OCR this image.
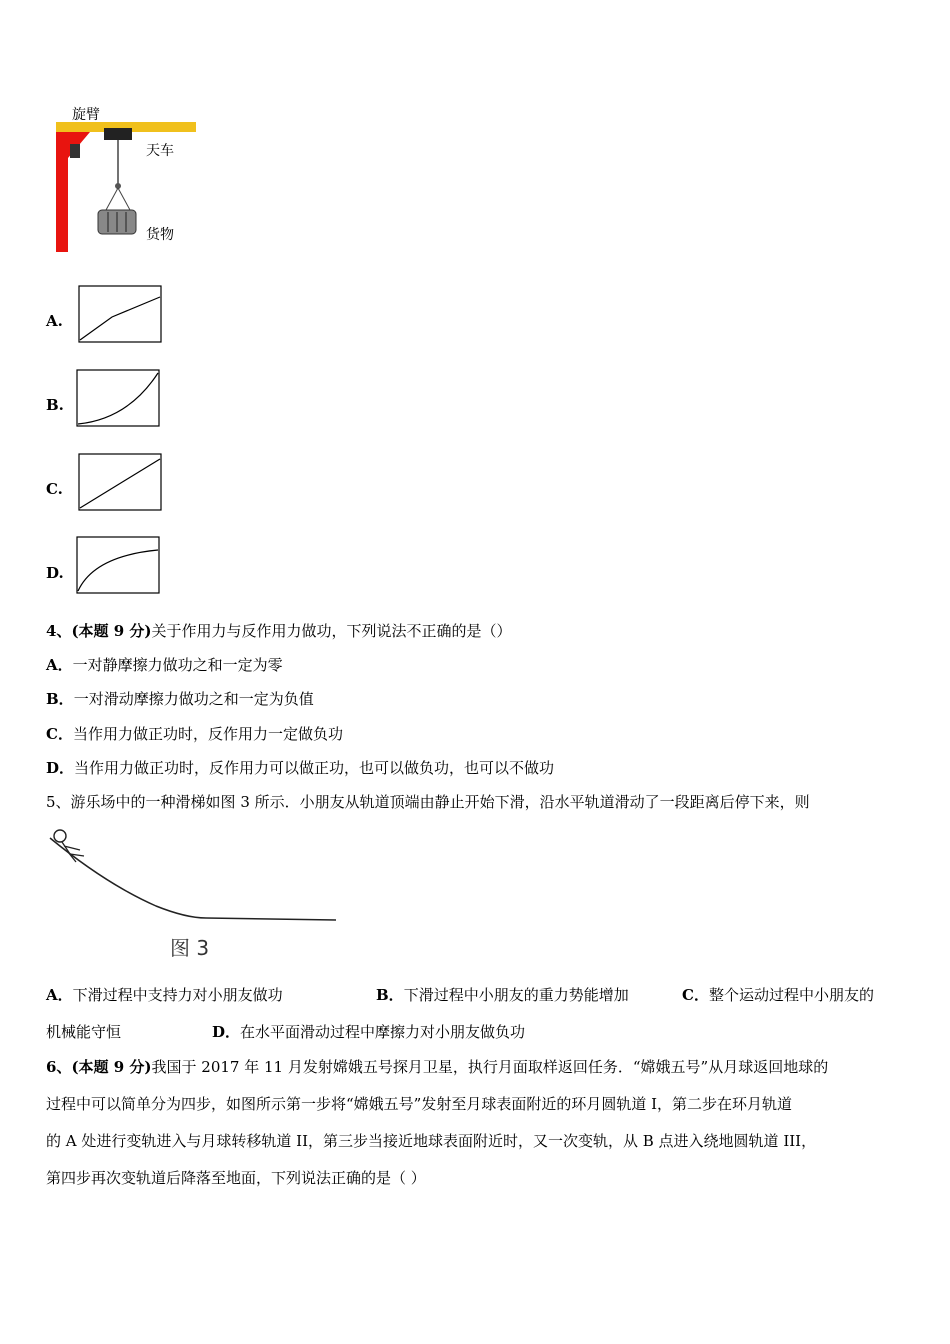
旋臂
天车
货物
A.
B.
C.
D.
4、(本题 9 分)关于作用力与反作用力做功，下列说法不正确的是（）
A．一对静摩擦力做功之和一定为零
B．一对滑动摩擦力做功之和一定为负值
C．当作用力做正功时，反作用力一定做负功
D．当作用力做正功时，反作用力可以做正功，也可以做负功，也可以不做功
5、游乐场中的一种滑梯如图 3 所示．小朋友从轨道顶端由静止开始下滑，沿水平轨道滑动了一段距离后停下来，则
图 3
A．下滑过程中支持力对小朋友做功	B．下滑过程中小朋友的重力势能增加	C．整个运动过程中小朋友的
机械能守恒	D．在水平面滑动过程中摩擦力对小朋友做负功
6、(本题 9 分)我国于 2017 年 11 月发射嫦娥五号探月卫星，执行月面取样返回任务．“嫦娥五号”从月球返回地球的
过程中可以简单分为四步，如图所示第一步将“嫦娥五号”发射至月球表面附近的环月圆轨道 I，第二步在环月轨道
的 A 处进行变轨进入与月球转移轨道 II，第三步当接近地球表面附近时，又一次变轨，从 B 点进入绕地圆轨道 III，
第四步再次变轨道后降落至地面，下列说法正确的是（ ）
